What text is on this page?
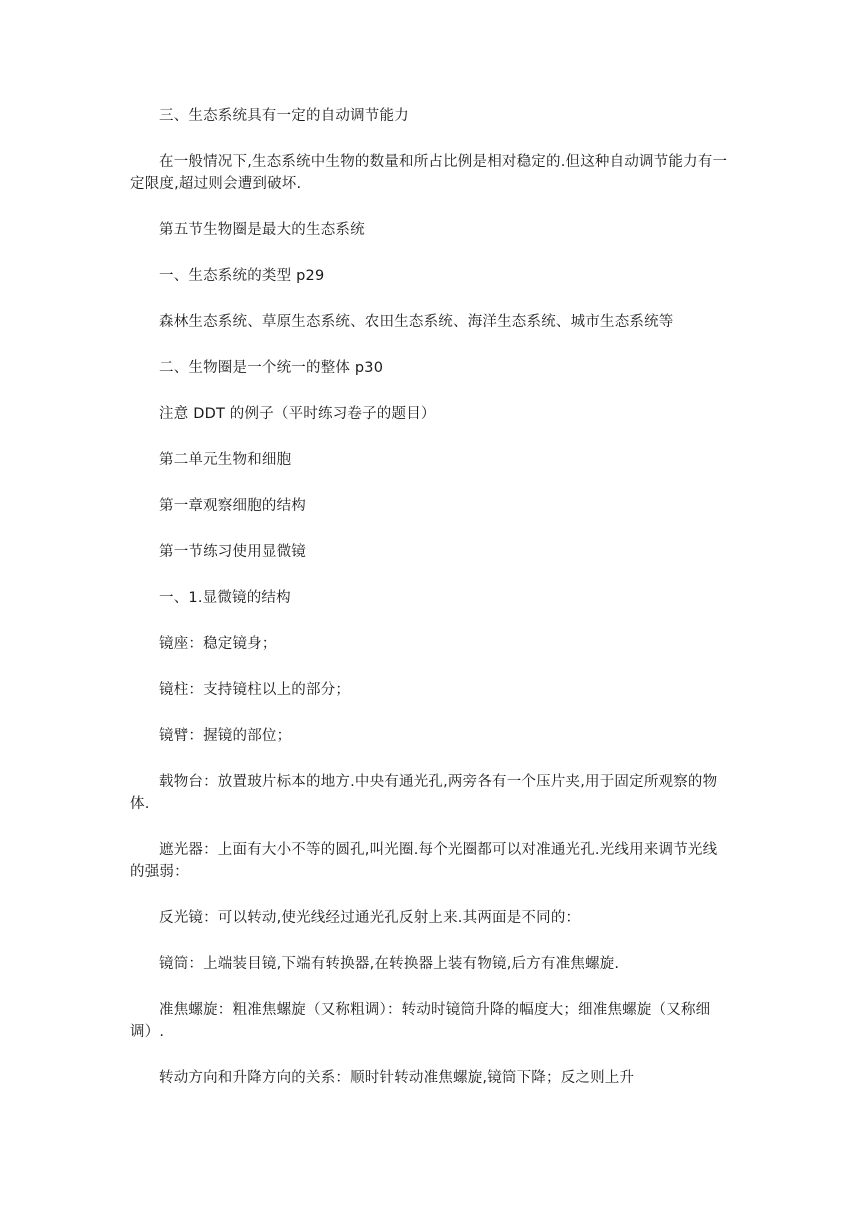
三、生态系统具有一定的自动调节能力

在一般情况下,生态系统中生物的数量和所占比例是相对稳定的.但这种自动调节能力有一定限度,超过则会遭到破坏.

第五节生物圈是最大的生态系统

一、生态系统的类型 p29

森林生态系统、草原生态系统、农田生态系统、海洋生态系统、城市生态系统等

二、生物圈是一个统一的整体 p30

注意 DDT 的例子（平时练习卷子的题目）

第二单元生物和细胞

第一章观察细胞的结构

第一节练习使用显微镜

一、1.显微镜的结构

镜座：稳定镜身；

镜柱：支持镜柱以上的部分；

镜臂：握镜的部位；

载物台：放置玻片标本的地方.中央有通光孔,两旁各有一个压片夹,用于固定所观察的物体.

遮光器：上面有大小不等的圆孔,叫光圈.每个光圈都可以对准通光孔.光线用来调节光线的强弱：

反光镜：可以转动,使光线经过通光孔反射上来.其两面是不同的：

镜筒：上端装目镜,下端有转换器,在转换器上装有物镜,后方有准焦螺旋.

准焦螺旋：粗准焦螺旋（又称粗调）：转动时镜筒升降的幅度大；细准焦螺旋（又称细调）.

转动方向和升降方向的关系：顺时针转动准焦螺旋,镜筒下降；反之则上升
